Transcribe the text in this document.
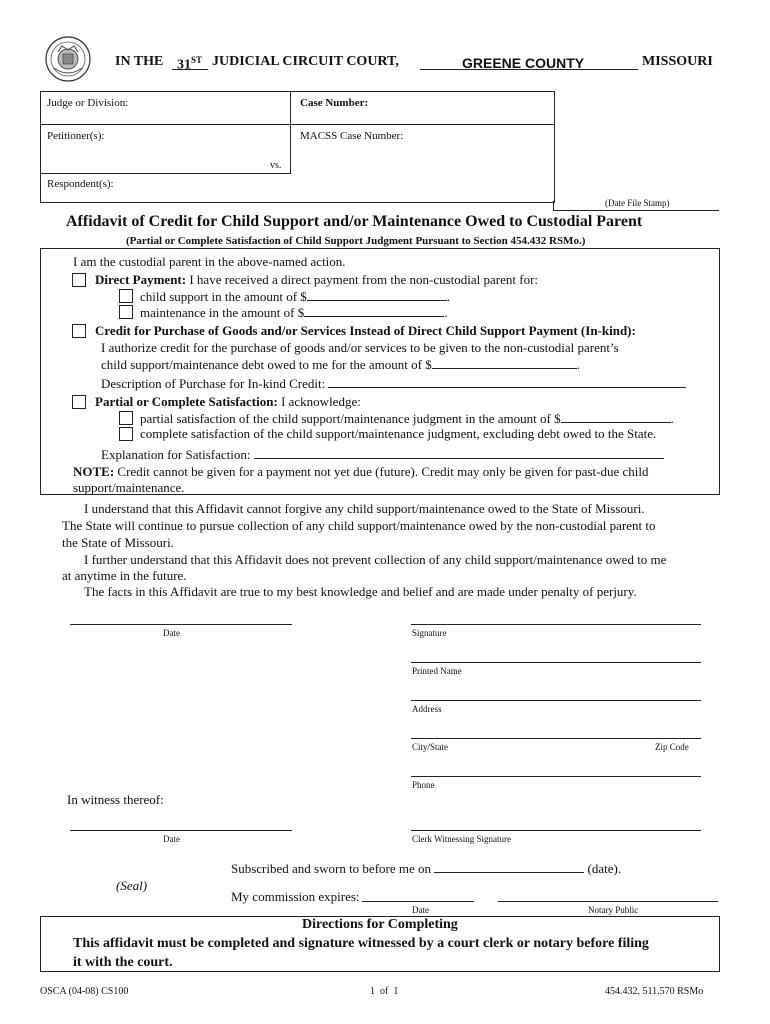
IN THE 31ST JUDICIAL CIRCUIT COURT,	GREENE COUNTY	MISSOURI
Judge or Division:	Case Number:
Petitioner(s):	MACSS Case Number:
vs.
Respondent(s):
(Date File Stamp)
Affidavit of Credit for Child Support and/or Maintenance Owed to Custodial Parent
(Partial or Complete Satisfaction of Child Support Judgment Pursuant to Section 454.432 RSMo.)
I am the custodial parent in the above-named action.
Direct Payment: I have received a direct payment from the non-custodial parent for:
child support in the amount of $	.
maintenance in the amount of $	.
Credit for Purchase of Goods and/or Services Instead of Direct Child Support Payment (In-kind):
I authorize credit for the purchase of goods and/or services to be given to the non-custodial parent’s
child support/maintenance debt owed to me for the amount of $	.
Description of Purchase for In-kind Credit:
Partial or Complete Satisfaction: I acknowledge:
partial satisfaction of the child support/maintenance judgment in the amount of $	.
complete satisfaction of the child support/maintenance judgment, excluding debt owed to the State.
Explanation for Satisfaction:
NOTE: Credit cannot be given for a payment not yet due (future). Credit may only be given for past-due child
support/maintenance.
I understand that this Affidavit cannot forgive any child support/maintenance owed to the State of Missouri.
The State will continue to pursue collection of any child support/maintenance owed by the non-custodial parent to
the State of Missouri.
I further understand that this Affidavit does not prevent collection of any child support/maintenance owed to me
at anytime in the future.
The facts in this Affidavit are true to my best knowledge and belief and are made under penalty of perjury.
Date	Signature
Printed Name
Address
City/State	Zip Code
Phone
In witness thereof:
Date	Clerk Witnessing Signature
Subscribed and sworn to before me on	(date).
(Seal)
My commission expires:
Date	Notary Public
Directions for Completing
This affidavit must be completed and signature witnessed by a court clerk or notary before filing
it with the court.
OSCA (04-08) CS100	1  of  1	454.432, 511.570 RSMo
